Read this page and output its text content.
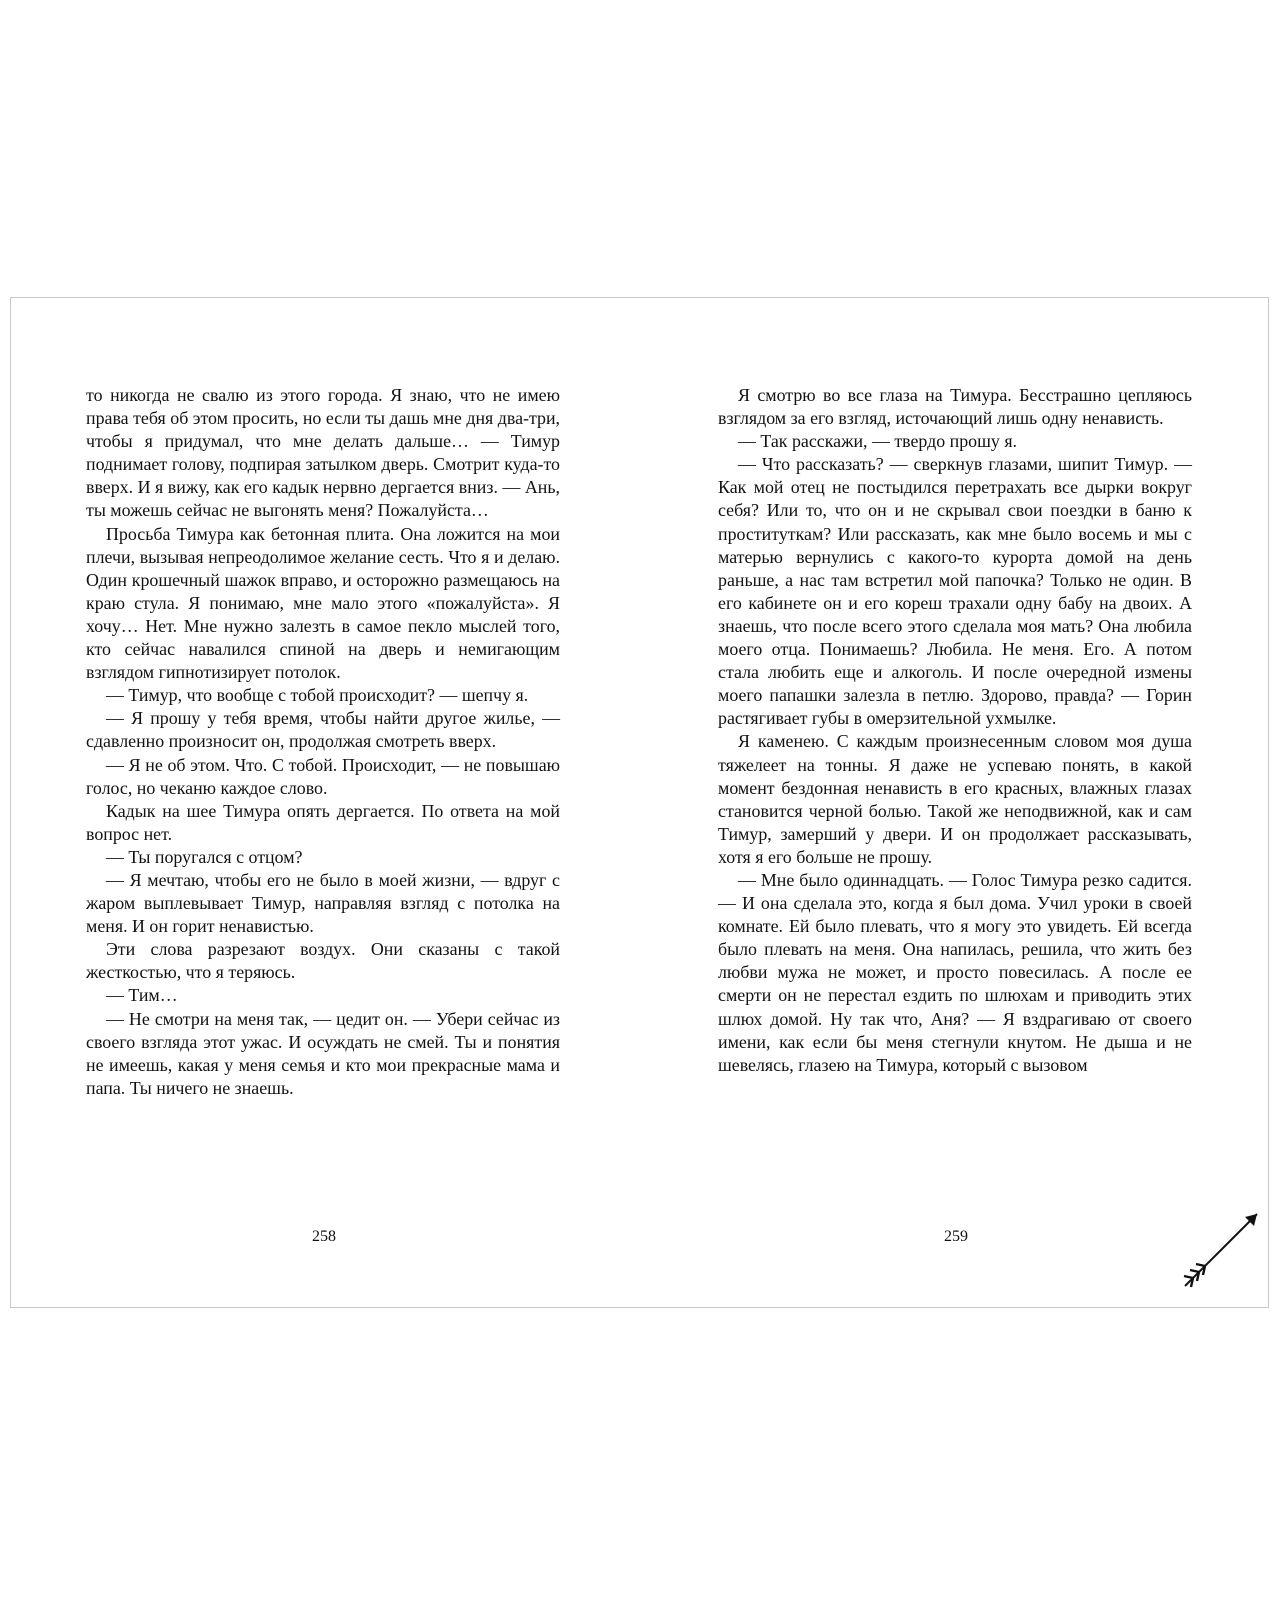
то никогда не свалю из этого города. Я знаю, что не имею права тебя об этом просить, но если ты дашь мне дня два-три, чтобы я придумал, что мне делать дальше… — Тимур поднимает голову, подпирая затылком дверь. Смотрит куда-то вверх. И я вижу, как его кадык нервно дергается вниз. — Ань, ты можешь сейчас не выгонять меня? Пожалуйста…

Просьба Тимура как бетонная плита. Она ложится на мои плечи, вызывая непреодолимое желание сесть. Что я и делаю. Один крошечный шажок вправо, и осторожно размещаюсь на краю стула. Я понимаю, мне мало этого «пожалуйста». Я хочу… Нет. Мне нужно залезть в самое пекло мыслей того, кто сейчас навалился спиной на дверь и немигающим взглядом гипнотизирует потолок.

— Тимур, что вообще с тобой происходит? — шепчу я.

— Я прошу у тебя время, чтобы найти другое жилье, — сдавленно произносит он, продолжая смотреть вверх.

— Я не об этом. Что. С тобой. Происходит, — не повышаю голос, но чеканю каждое слово.

Кадык на шее Тимура опять дергается. По ответа на мой вопрос нет.

— Ты поругался с отцом?

— Я мечтаю, чтобы его не было в моей жизни, — вдруг с жаром выплевывает Тимур, направляя взгляд с потолка на меня. И он горит ненавистью.

Эти слова разрезают воздух. Они сказаны с такой жесткостью, что я теряюсь.

— Тим…

— Не смотри на меня так, — цедит он. — Убери сейчас из своего взгляда этот ужас. И осуждать не смей. Ты и понятия не имеешь, какая у меня семья и кто мои прекрасные мама и папа. Ты ничего не знаешь.

Я смотрю во все глаза на Тимура. Бесстрашно цепляюсь взглядом за его взгляд, источающий лишь одну ненависть.

— Так расскажи, — твердо прошу я.

— Что рассказать? — сверкнув глазами, шипит Тимур. — Как мой отец не постыдился перетрахать все дырки вокруг себя? Или то, что он и не скрывал свои поездки в баню к проституткам? Или рассказать, как мне было восемь и мы с матерью вернулись с какого-то курорта домой на день раньше, а нас там встретил мой папочка? Только не один. В его кабинете он и его кореш трахали одну бабу на двоих. А знаешь, что после всего этого сделала моя мать? Она любила моего отца. Понимаешь? Любила. Не меня. Его. А потом стала любить еще и алкоголь. И после очередной измены моего папашки залезла в петлю. Здорово, правда? — Горин растягивает губы в омерзительной ухмылке.

Я каменею. С каждым произнесенным словом моя душа тяжелеет на тонны. Я даже не успеваю понять, в какой момент бездонная ненависть в его красных, влажных глазах становится черной болью. Такой же неподвижной, как и сам Тимур, замерший у двери. И он продолжает рассказывать, хотя я его больше не прошу.

— Мне было одиннадцать. — Голос Тимура резко садится. — И она сделала это, когда я был дома. Учил уроки в своей комнате. Ей было плевать, что я могу это увидеть. Ей всегда было плевать на меня. Она напилась, решила, что жить без любви мужа не может, и просто повесилась. А после ее смерти он не перестал ездить по шлюхам и приводить этих шлюх домой. Ну так что, Аня? — Я вздрагиваю от своего имени, как если бы меня стегнули кнутом. Не дыша и не шевелясь, глазею на Тимура, который с вызовом

258	259
